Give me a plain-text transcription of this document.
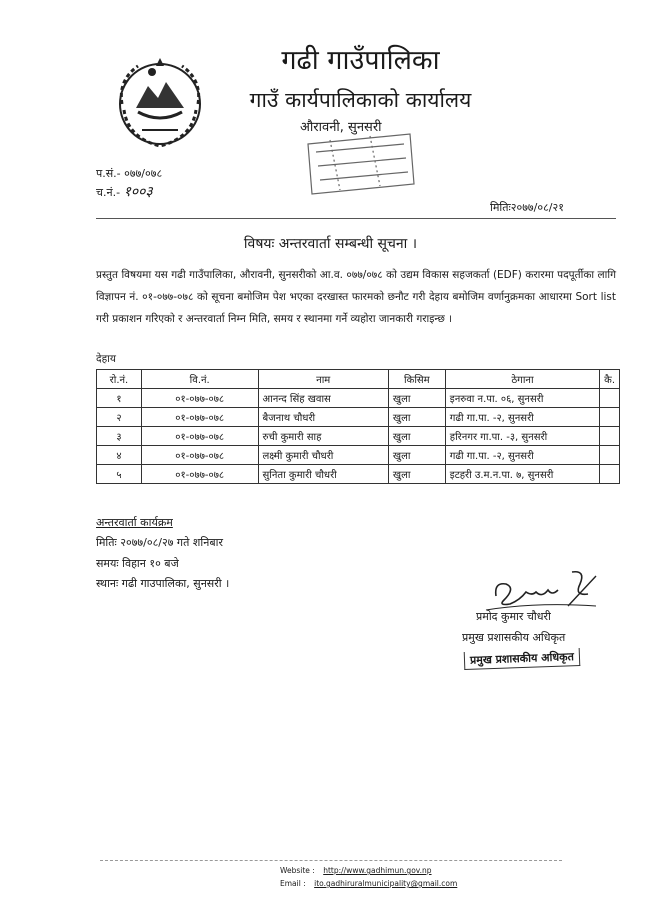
गढी गाउँपालिका
गाउँ कार्यपालिकाको कार्यालय
औरावनी, सुनसरी
प.सं.- ०७७/०७८
च.नं.- १००३
मितिः२०७७/०८/२१
विषयः अन्तरवार्ता सम्बन्धी सूचना ।
प्रस्तुत विषयमा यस गढी गाउँपालिका, औरावनी, सुनसरीको आ.व. ०७७/०७८ को उद्यम विकास सहजकर्ता (EDF) करारमा पदपूर्तीका लागि विज्ञापन नं. ०१-०७७-०७८ को सूचना बमोजिम पेश भएका दरखास्त फारमको छनौट गरी देहाय बमोजिम वर्णानुक्रमका आधारमा Sort list गरी प्रकाशन गरिएको र अन्तरवार्ता निम्न मिति, समय र स्थानमा गर्ने व्यहोरा जानकारी गराइन्छ ।
देहाय
रो.नं.	वि.नं.	नाम	किसिम	ठेगाना	कै.
१	०१-०७७-०७८	आनन्द सिंह खवास	खुला	इनरुवा न.पा. ०६, सुनसरी	
२	०१-०७७-०७८	बैजनाथ चौधरी	खुला	गढी गा.पा. -२, सुनसरी	
३	०१-०७७-०७८	रुची कुमारी साह	खुला	हरिनगर गा.पा. -३, सुनसरी	
४	०१-०७७-०७८	लक्ष्मी कुमारी चौधरी	खुला	गढी गा.पा. -२, सुनसरी	
५	०१-०७७-०७८	सुनिता कुमारी चौधरी	खुला	इटहरी उ.म.न.पा. ७, सुनसरी	
अन्तरवार्ता कार्यक्रम
मितिः २०७७/०८/२७ गते शनिबार
समयः विहान १० बजे
स्थानः गढी गाउपालिका, सुनसरी ।
प्रमोद कुमार चौधरी
प्रमुख प्रशासकीय अधिकृत
प्रमुख प्रशासकीय अधिकृत
Website : http://www.gadhimun.gov.np
Email : ito.gadhiruralmunicipality@gmail.com
